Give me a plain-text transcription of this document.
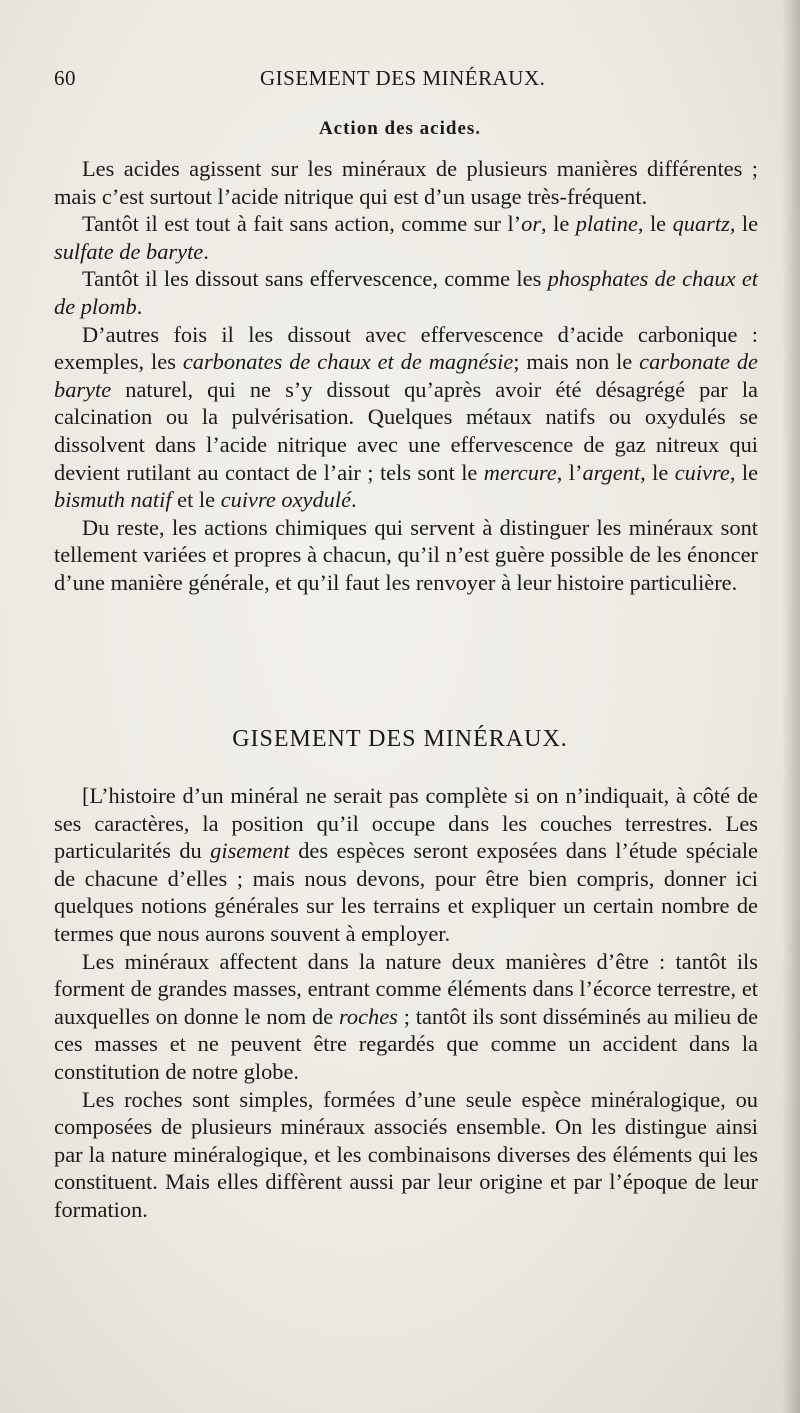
60	GISEMENT DES MINÉRAUX.
Action des acides.

Les acides agissent sur les minéraux de plusieurs manières différentes ; mais c’est surtout l’acide nitrique qui est d’un usage très-fréquent.

Tantôt il est tout à fait sans action, comme sur l’or, le platine, le quartz, le sulfate de baryte.

Tantôt il les dissout sans effervescence, comme les phosphates de chaux et de plomb.

D’autres fois il les dissout avec effervescence d’acide carbonique : exemples, les carbonates de chaux et de magnésie; mais non le carbonate de baryte naturel, qui ne s’y dissout qu’après avoir été désagrégé par la calcination ou la pulvérisation. Quelques métaux natifs ou oxydulés se dissolvent dans l’acide nitrique avec une effervescence de gaz nitreux qui devient rutilant au contact de l’air ; tels sont le mercure, l’argent, le cuivre, le bismuth natif et le cuivre oxydulé.

Du reste, les actions chimiques qui servent à distinguer les minéraux sont tellement variées et propres à chacun, qu’il n’est guère possible de les énoncer d’une manière générale, et qu’il faut les renvoyer à leur histoire particulière.

GISEMENT DES MINÉRAUX.

[L’histoire d’un minéral ne serait pas complète si on n’indiquait, à côté de ses caractères, la position qu’il occupe dans les couches terrestres. Les particularités du gisement des espèces seront exposées dans l’étude spéciale de chacune d’elles ; mais nous devons, pour être bien compris, donner ici quelques notions générales sur les terrains et expliquer un certain nombre de termes que nous aurons souvent à employer.

Les minéraux affectent dans la nature deux manières d’être : tantôt ils forment de grandes masses, entrant comme éléments dans l’écorce terrestre, et auxquelles on donne le nom de roches ; tantôt ils sont disséminés au milieu de ces masses et ne peuvent être regardés que comme un accident dans la constitution de notre globe.

Les roches sont simples, formées d’une seule espèce minéralogique, ou composées de plusieurs minéraux associés ensemble. On les distingue ainsi par la nature minéralogique, et les combinaisons diverses des éléments qui les constituent. Mais elles diffèrent aussi par leur origine et par l’époque de leur formation.
